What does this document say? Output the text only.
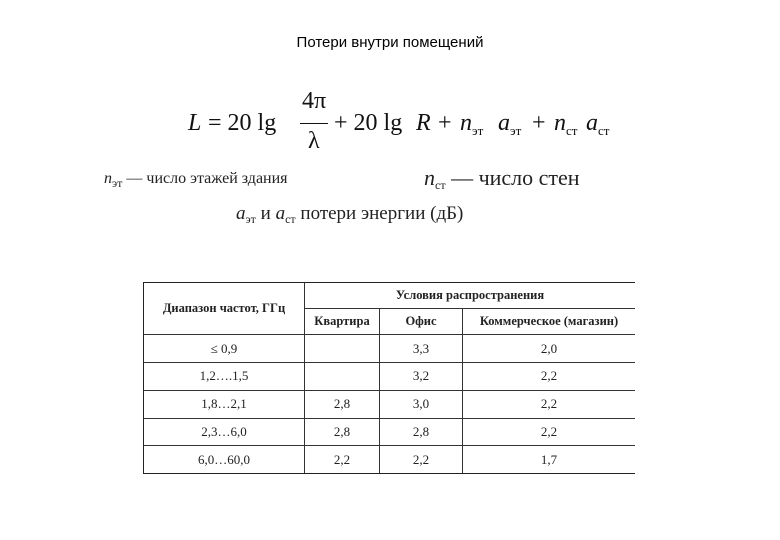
Потери внутри помещений
L = 20 lg
4π
λ
+ 20 $\lg R + n_{эт}$ $a_{эт} + n_{ст}$ $a_{ст}$
$n_{эт}$ — число этажей здания	$n_{ст}$ –– число стен
$a_{эт}$ и $a_{ст}$ потери энергии (дБ)
Диапазон частот, ГГц	Условия распространения		
	Квартира	Офис	Коммерческое (магазин)
≤ 0,9		3,3	2,0
1,2….1,5		3,2	2,2
1,8…2,1	2,8	3,0	2,2
2,3…6,0	2,8	2,8	2,2
6,0…60,0	2,2	2,2	1,7
